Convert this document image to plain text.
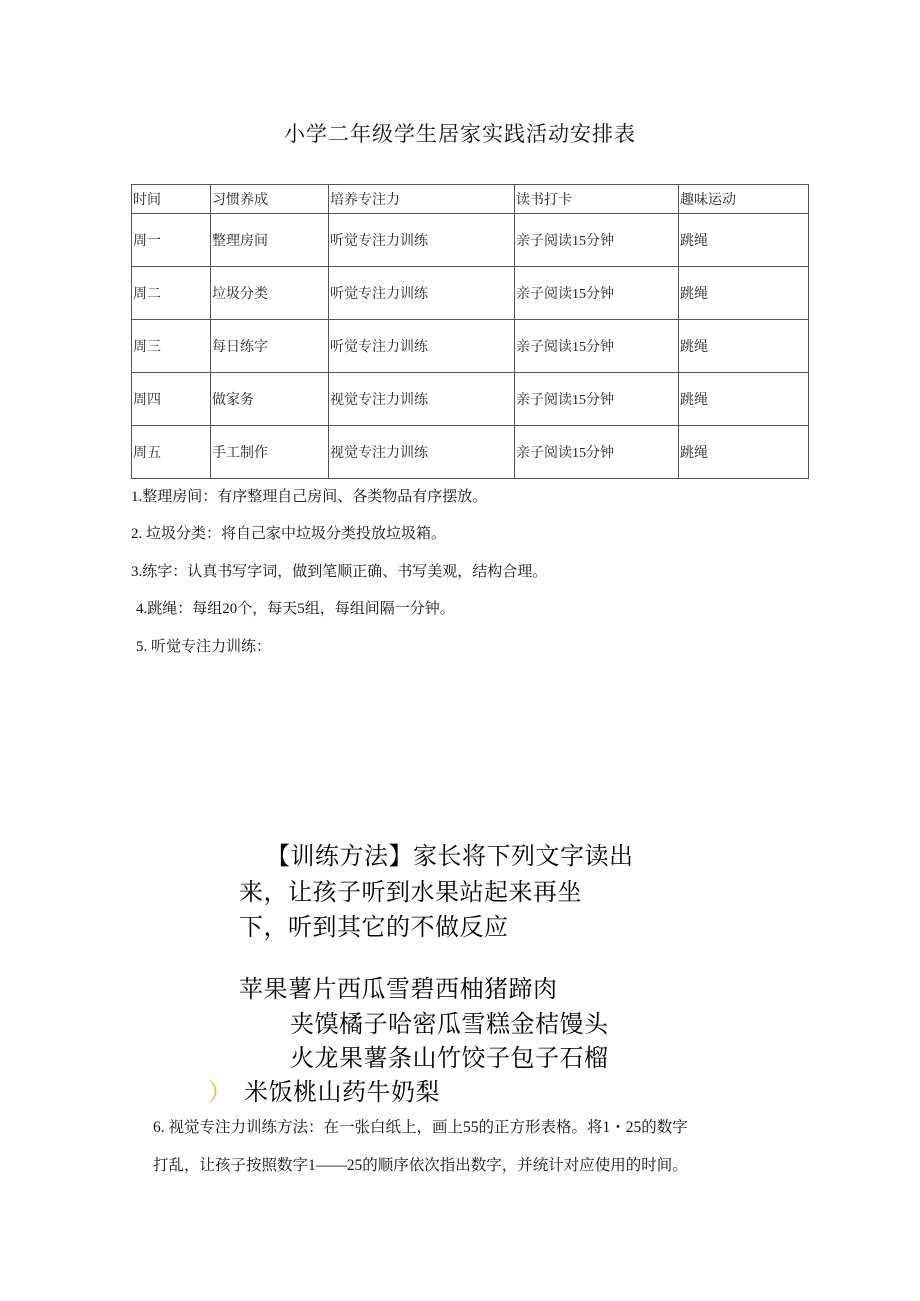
小学二年级学生居家实践活动安排表
时间	习惯养成	培养专注力	读书打卡	趣味运动
周一	整理房间	听觉专注力训练	亲子阅读15分钟	跳绳
周二	垃圾分类	听觉专注力训练	亲子阅读15分钟	跳绳
周三	每日练字	听觉专注力训练	亲子阅读15分钟	跳绳
周四	做家务	视觉专注力训练	亲子阅读15分钟	跳绳
周五	手工制作	视觉专注力训练	亲子阅读15分钟	跳绳
1.整理房间：有序整理自己房间、各类物品有序摆放。
2. 垃圾分类：将自己家中垃圾分类投放垃圾箱。
3.练字：认真书写字词，做到笔顺正确、书写美观，结构合理。
4.跳绳：每组20个，每天5组，每组间隔一分钟。
5. 听觉专注力训练：
【训练方法】家长将下列文字读出
来，让孩子听到水果站起来再坐
下，听到其它的不做反应
苹果薯片西瓜雪碧西柚猪蹄肉
夹馍橘子哈密瓜雪糕金桔馒头
火龙果薯条山竹饺子包子石榴
） 米饭桃山药牛奶梨
6. 视觉专注力训练方法：在一张白纸上，画上55的正方形表格。将1・25的数字
打乱，让孩子按照数字1——25的顺序依次指出数字，并统计对应使用的时间。
